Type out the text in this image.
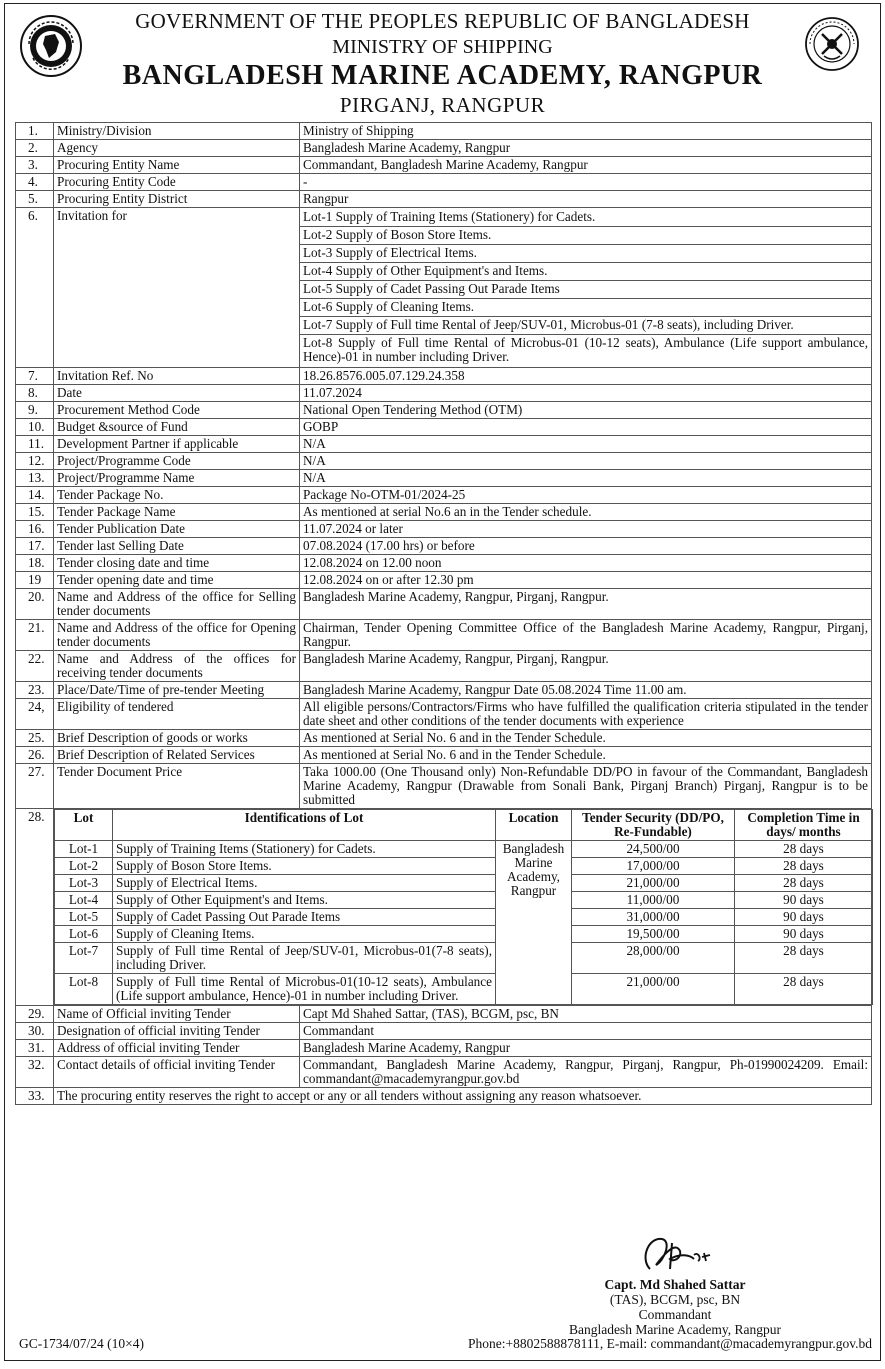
GOVERNMENT OF THE PEOPLES REPUBLIC OF BANGLADESH
MINISTRY OF SHIPPING
BANGLADESH MARINE ACADEMY, RANGPUR
PIRGANJ, RANGPUR
1.	Ministry/Division	Ministry of Shipping
2.	Agency	Bangladesh Marine Academy, Rangpur
3.	Procuring Entity Name	Commandant, Bangladesh Marine Academy, Rangpur
4.	Procuring Entity Code	-
5.	Procuring Entity District	Rangpur
6.	Invitation for	Lot-1 Supply of Training Items (Stationery) for Cadets.
Lot-2 Supply of Boson Store Items.
Lot-3 Supply of Electrical Items.
Lot-4 Supply of Other Equipment's and Items.
Lot-5 Supply of Cadet Passing Out Parade Items
Lot-6 Supply of Cleaning Items.
Lot-7 Supply of Full time Rental of Jeep/SUV-01, Microbus-01 (7-8 seats), including Driver.
Lot-8 Supply of Full time Rental of Microbus-01 (10-12 seats), Ambulance (Life support ambulance, Hence)-01 in number including Driver.

7.	Invitation Ref. No	18.26.8576.005.07.129.24.358
8.	Date	11.07.2024
9.	Procurement Method Code	National Open Tendering Method (OTM)
10.	Budget &source of Fund	GOBP
11.	Development Partner if applicable	N/A
12.	Project/Programme Code	N/A
13.	Project/Programme Name	N/A
14.	Tender Package No.	Package No-OTM-01/2024-25
15.	Tender Package Name	As mentioned at serial No.6 an in the Tender schedule.
16.	Tender Publication Date	11.07.2024 or later
17.	Tender last Selling Date	07.08.2024 (17.00 hrs) or before
18.	Tender closing date and time	12.08.2024 on 12.00 noon
19	Tender opening date and time	12.08.2024 on or after 12.30 pm
20.	Name and Address of the office for Selling tender documents	Bangladesh Marine Academy, Rangpur, Pirganj, Rangpur.
21.	Name and Address of the office for Opening tender documents	Chairman, Tender Opening Committee Office of the Bangladesh Marine Academy, Rangpur, Pirganj, Rangpur.
22.	Name and Address of the offices for receiving tender documents	Bangladesh Marine Academy, Rangpur, Pirganj, Rangpur.
23.	Place/Date/Time of pre-tender Meeting	Bangladesh Marine Academy, Rangpur Date 05.08.2024 Time 11.00 am.
24,	Eligibility of tendered	All eligible persons/Contractors/Firms who have fulfilled the qualification criteria stipulated in the tender date sheet and other conditions of the tender documents with experience
25.	Brief Description of goods or works	As mentioned at Serial No. 6 and in the Tender Schedule.
26.	Brief Description of Related Services	As mentioned at Serial No. 6 and in the Tender Schedule.
27.	Tender Document Price	Taka 1000.00 (One Thousand only) Non-Refundable DD/PO in favour of the Commandant, Bangladesh Marine Academy, Rangpur (Drawable from Sonali Bank, Pirganj Branch) Pirganj, Rangpur is to be submitted
28.	Lot	Identifications of Lot	Location	Tender Security (DD/PO, Re-Fundable)	Completion Time in days/ months
Lot-1	Supply of Training Items (Stationery) for Cadets.	Bangladesh Marine Academy, Rangpur	24,500/00	28 days
Lot-2	Supply of Boson Store Items.	17,000/00	28 days
Lot-3	Supply of Electrical Items.	21,000/00	28 days
Lot-4	Supply of Other Equipment's and Items.	11,000/00	90 days
Lot-5	Supply of Cadet Passing Out Parade Items	31,000/00	90 days
Lot-6	Supply of Cleaning Items.	19,500/00	90 days
Lot-7	Supply of Full time Rental of Jeep/SUV-01, Microbus-01(7-8 seats), including Driver.	28,000/00	28 days
Lot-8	Supply of Full time Rental of Microbus-01(10-12 seats), Ambulance (Life support ambulance, Hence)-01 in number including Driver.	21,000/00	28 days

29.	Name of Official inviting Tender	Capt Md Shahed Sattar, (TAS), BCGM, psc, BN
30.	Designation of official inviting Tender	Commandant
31.	Address of official inviting Tender	Bangladesh Marine Academy, Rangpur
32.	Contact details of official inviting Tender	Commandant, Bangladesh Marine Academy, Rangpur, Pirganj, Rangpur, Ph-01990024209. Email: commandant@macademyrangpur.gov.bd
33.	The procuring entity reserves the right to accept or any or all tenders without assigning any reason whatsoever.
Capt. Md Shahed Sattar
(TAS), BCGM, psc, BN
Commandant
Bangladesh Marine Academy, Rangpur
GC-1734/07/24 (10×4)	Phone:+8802588878111, E-mail: commandant@macademyrangpur.gov.bd
